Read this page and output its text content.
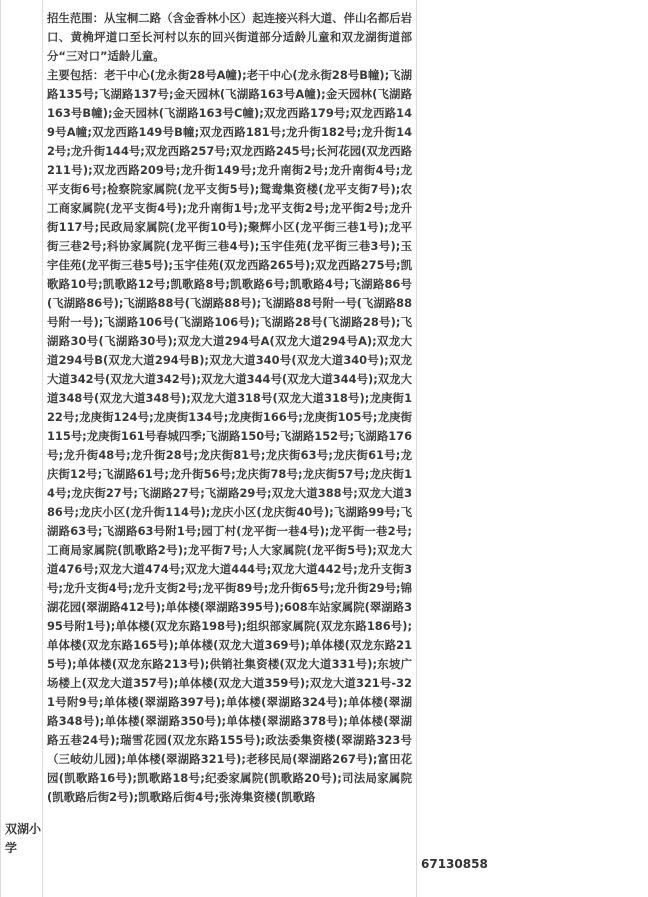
双湖小学

招生范围：从宝桐二路（含金香林小区）起连接兴科大道、伴山名都后岩口、黄桷坪道口至长河村以东的回兴街道部分适龄儿童和双龙湖街道部分“三对口”适龄儿童。

主要包括：老干中心(龙永街28号A幢);老干中心(龙永街28号B幢);飞湖路135号;飞湖路137号;金天园林(飞湖路163号A幢);金天园林(飞湖路163号B幢);金天园林(飞湖路163号C幢);双龙西路179号;双龙西路149号A幢;双龙西路149号B幢;双龙西路181号;龙升街182号;龙升街142号;龙升街144号;双龙西路257号;双龙西路245号;长河花园(双龙西路211号);双龙西路209号;龙升街149号;龙升南街2号;龙升南街4号;龙平支街6号;检察院家属院(龙平支街5号);鸳鸯集资楼(龙平支街7号);农工商家属院(龙平支街4号);龙升南街1号;龙平支街2号;龙平街2号;龙升街117号;民政局家属院(龙平街10号);聚辉小区(龙平街三巷1号);龙平街三巷2号;科协家属院(龙平街三巷4号);玉宇佳苑(龙平街三巷3号);玉宇佳苑(龙平街三巷5号);玉宇佳苑(双龙西路265号);双龙西路275号;凯歌路10号;凯歌路12号;凯歌路8号;凯歌路6号;凯歌路4号;飞湖路86号(飞湖路86号);飞湖路88号(飞湖路88号);飞湖路88号附一号(飞湖路88号附一号);飞湖路106号(飞湖路106号);飞湖路28号(飞湖路28号);飞湖路30号(飞湖路30号);双龙大道294号A(双龙大道294号A);双龙大道294号B(双龙大道294号B);双龙大道340号(双龙大道340号);双龙大道342号(双龙大道342号);双龙大道344号(双龙大道344号);双龙大道348号(双龙大道348号);双龙大道318号(双龙大道318号);龙庚街122号;龙庚街124号;龙庚街134号;龙庚街166号;龙庚街105号;龙庚街115号;龙庚街161号春城四季;飞湖路150号;飞湖路152号;飞湖路176号;龙升街48号;龙升街28号;龙庆街81号;龙庆街63号;龙庆街61号;龙庆街12号;飞湖路61号;龙升街56号;龙庆街78号;龙庆街57号;龙庆街14号;龙庆街27号;飞湖路27号;飞湖路29号;双龙大道388号;双龙大道386号;龙庆小区(龙升街114号);龙庆小区(龙庆街40号);飞湖路99号;飞湖路63号;飞湖路63号附1号;园丁村(龙平街一巷4号);龙平街一巷2号;工商局家属院(凯歌路2号);龙平街7号;人大家属院(龙平街5号);双龙大道476号;双龙大道474号;双龙大道444号;双龙大道442号;龙升支街3号;龙升支街4号;龙升支街2号;龙平街89号;龙升街65号;龙升街29号;锦湖花园(翠湖路412号);单体楼(翠湖路395号);608车站家属院(翠湖路395号附1号);单体楼(双龙东路198号);组织部家属院(双龙东路186号);单体楼(双龙东路165号);单体楼(双龙大道369号);单体楼(双龙东路215号);单体楼(双龙东路213号);供销社集资楼(双龙大道331号);东坡广场楼上(双龙大道357号);单体楼(双龙大道359号);双龙大道321号-321号附9号;单体楼(翠湖路397号);单体楼(翠湖路324号);单体楼(翠湖路348号);单体楼(翠湖路350号);单体楼(翠湖路378号);单体楼(翠湖路五巷24号);瑞雪花园(双龙东路155号);政法委集资楼(翠湖路323号（三岐幼儿园);单体楼(翠湖路321号);老移民局(翠湖路267号);富田花园(凯歌路16号);凯歌路18号;纪委家属院(凯歌路20号);司法局家属院(凯歌路后街2号);凯歌路后街4号;张涛集资楼(凯歌路

67130858
